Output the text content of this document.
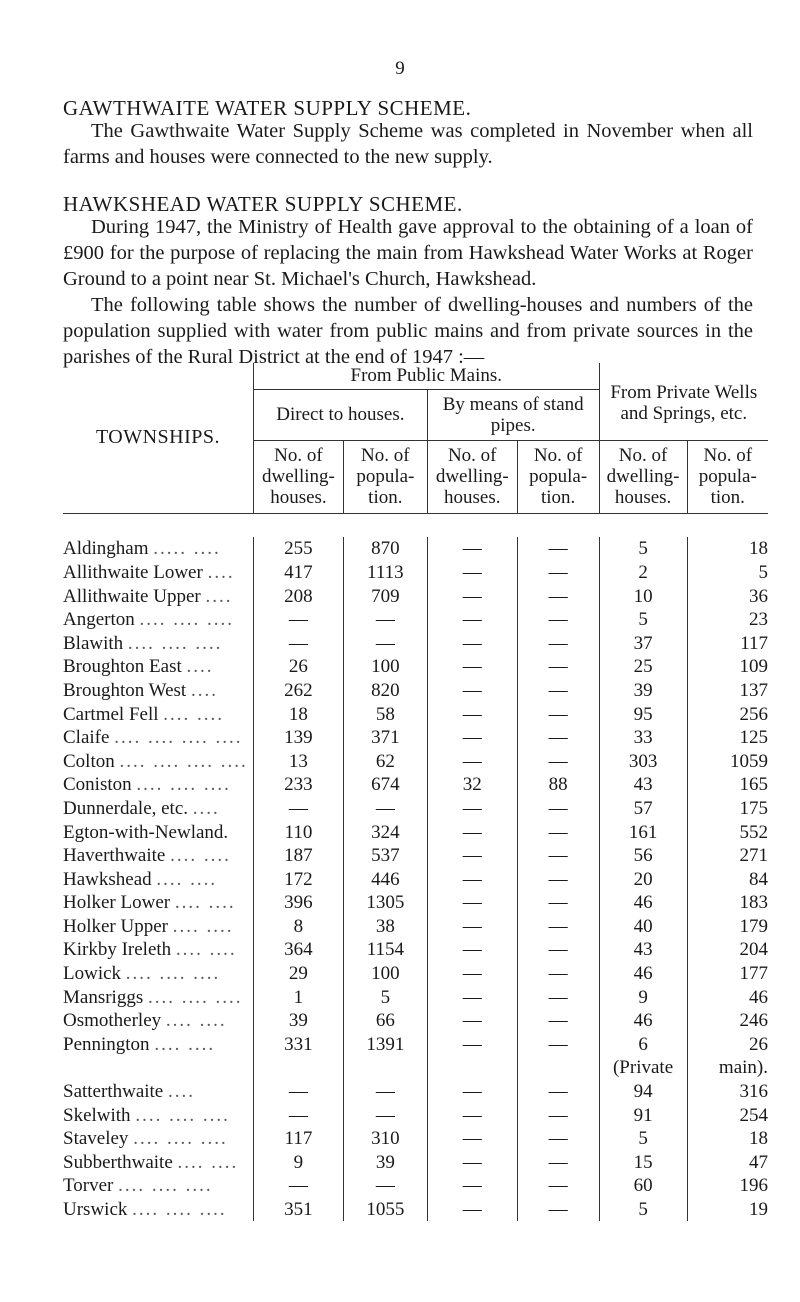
9
GAWTHWAITE WATER SUPPLY SCHEME.
The Gawthwaite Water Supply Scheme was completed in November when all farms and houses were connected to the new supply.
HAWKSHEAD WATER SUPPLY SCHEME.
During 1947, the Ministry of Health gave approval to the obtaining of a loan of £900 for the purpose of replacing the main from Hawkshead Water Works at Roger Ground to a point near St. Michael's Church, Hawkshead.
The following table shows the number of dwelling-houses and numbers of the population supplied with water from public mains and from private sources in the parishes of the Rural District at the end of 1947 :—
TOWNSHIPS.	From Public Mains.				From Private Wells and Springs, etc.	
	Direct to houses.		By means of stand pipes.			
	No. of dwelling-houses.	No. of popula-tion.	No. of dwelling-houses.	No. of popula-tion.	No. of dwelling-houses.	No. of popula-tion.

Aldingham ..... ....	255	870	—	—	5	18
Allithwaite Lower ....	417	1113	—	—	2	5
Allithwaite Upper ....	208	709	—	—	10	36
Angerton .... .... ....	—	—	—	—	5	23
Blawith .... .... ....	—	—	—	—	37	117
Broughton East ....	26	100	—	—	25	109
Broughton West ....	262	820	—	—	39	137
Cartmel Fell .... ....	18	58	—	—	95	256
Claife .... .... .... ....	139	371	—	—	33	125
Colton .... .... .... ....	13	62	—	—	303	1059
Coniston .... .... ....	233	674	32	88	43	165
Dunnerdale, etc. ....	—	—	—	—	57	175
Egton-with-Newland.	110	324	—	—	161	552
Haverthwaite .... ....	187	537	—	—	56	271
Hawkshead .... ....	172	446	—	—	20	84
Holker Lower .... ....	396	1305	—	—	46	183
Holker Upper .... ....	8	38	—	—	40	179
Kirkby Ireleth .... ....	364	1154	—	—	43	204
Lowick .... .... ....	29	100	—	—	46	177
Mansriggs .... .... ....	1	5	—	—	9	46
Osmotherley .... ....	39	66	—	—	46	246
Pennington .... ....	331	1391	—	—	6	26
					(Private	main).
Satterthwaite ....	—	—	—	—	94	316
Skelwith .... .... ....	—	—	—	—	91	254
Staveley .... .... ....	117	310	—	—	5	18
Subberthwaite .... ....	9	39	—	—	15	47
Torver .... .... ....	—	—	—	—	60	196
Urswick .... .... ....	351	1055	—	—	5	19
